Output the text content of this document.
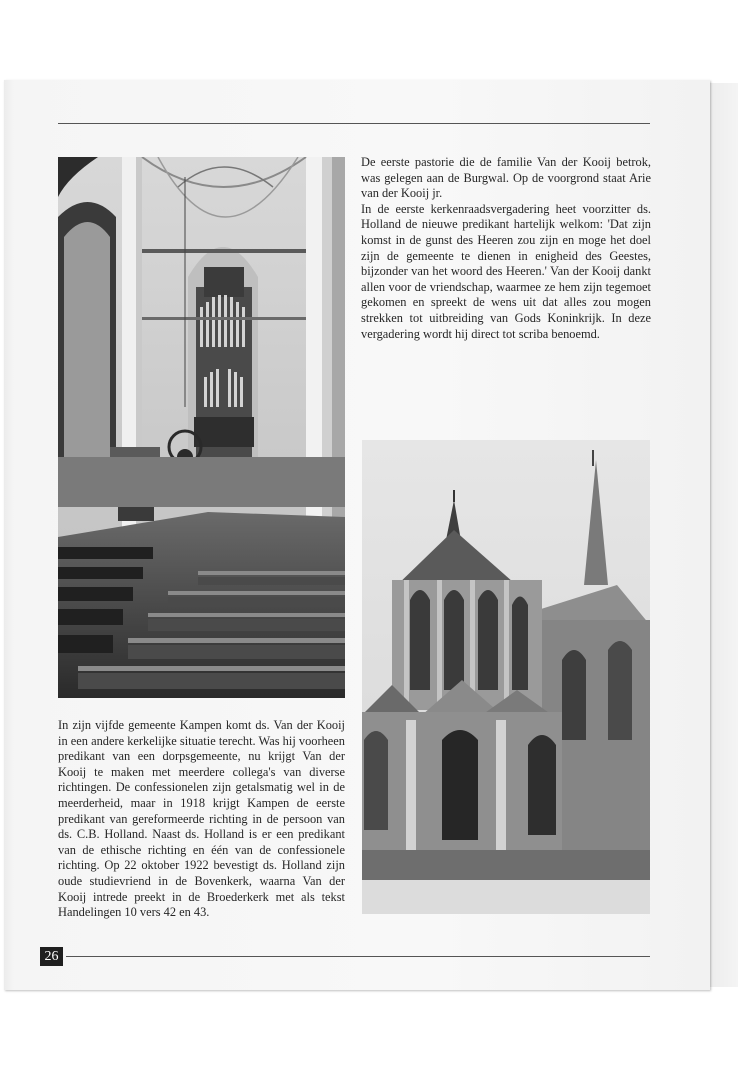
De eerste pastorie die de familie Van der Kooij betrok, was gelegen aan de Burgwal. Op de voorgrond staat Arie van der Kooij jr.

In de eerste kerkenraadsvergadering heet voorzitter ds. Holland de nieuwe predikant hartelijk welkom: 'Dat zijn komst in de gunst des Heeren zou zijn en moge het doel zijn de gemeente te dienen in enigheid des Geestes, bijzonder van het woord des Heeren.' Van der Kooij dankt allen voor de vriendschap, waarmee ze hem zijn tegemoet gekomen en spreekt de wens uit dat alles zou mogen strekken tot uitbreiding van Gods Koninkrijk. In deze vergadering wordt hij direct tot scriba benoemd.

In zijn vijfde gemeente Kampen komt ds. Van der Kooij in een andere kerkelijke situatie terecht. Was hij voorheen predikant van een dorpsgemeente, nu krijgt Van der Kooij te maken met meerdere collega's van diverse richtingen. De confessionelen zijn getalsmatig wel in de meerderheid, maar in 1918 krijgt Kampen de eerste predikant van gereformeerde richting in de persoon van ds. C.B. Holland. Naast ds. Holland is er een predikant van de ethische richting en één van de confessionele richting. Op 22 oktober 1922 bevestigt ds. Holland zijn oude studievriend in de Bovenkerk, waarna Van der Kooij intrede preekt in de Broederkerk met als tekst Handelingen 10 vers 42 en 43.

26
